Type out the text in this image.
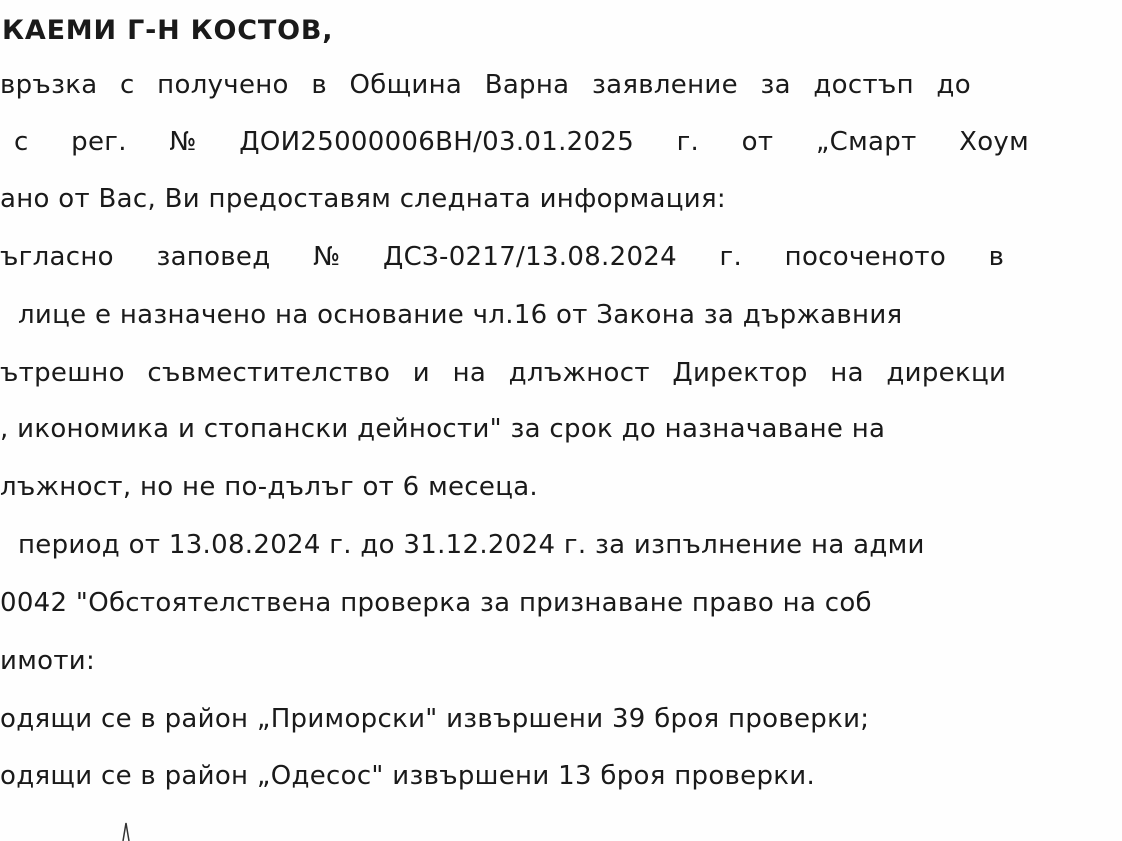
КАЕМИ Г-Н КОСТОВ,
връзка с получено в Община Варна заявление за достъп до
с рег. № ДОИ25000006ВН/03.01.2025 г. от „Смарт Хоум
ано от Вас, Ви предоставям следната информация:
ъгласно заповед № ДСЗ-0217/13.08.2024 г. посоченото в
лице е назначено на основание чл.16 от Закона за държавния
ътрешно съвместителство и на длъжност Директор на дирекци
, икономика и стопански дейности" за срок до назначаване на
лъжност, но не по-дълъг от 6 месеца.
период от 13.08.2024 г. до 31.12.2024 г. за изпълнение на адми
0042 "Обстоятелствена проверка за признаване право на соб
имоти:
одящи се в район „Приморски" извършени 39 броя проверки;
одящи се в район „Одесос" извършени 13 броя проверки.
